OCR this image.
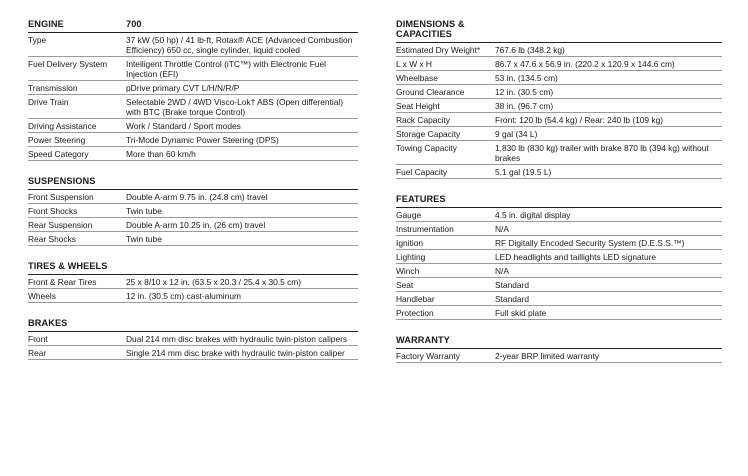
ENGINE	700
Type	37 kW (50 hp) / 41 lb-ft, Rotax® ACE (Advanced Combustion Efficiency) 650 cc, single cylinder, liquid cooled
Fuel Delivery System	Intelligent Throttle Control (iTC™) with Electronic Fuel Injection (EFI)
Transmission	pDrive primary CVT L/H/N/R/P
Drive Train	Selectable 2WD / 4WD Visco-Lok† ABS (Open differential) with BTC (Brake torque Control)
Driving Assistance	Work / Standard / Sport modes
Power Steering	Tri-Mode Dynamic Power Steering (DPS)
Speed Category	More than 60 km/h
SUSPENSIONS
Front Suspension	Double A-arm 9.75 in. (24.8 cm) travel
Front Shocks	Twin tube
Rear Suspension	Double A-arm 10.25 in. (26 cm) travel
Rear Shocks	Twin tube
TIRES & WHEELS
Front & Rear Tires	25 x 8/10 x 12 in. (63.5 x 20.3 / 25.4 x 30.5 cm)
Wheels	12 in. (30.5 cm) cast-aluminum
BRAKES
Front	Dual 214 mm disc brakes with hydraulic twin-piston calipers
Rear	Single 214 mm disc brake with hydraulic twin-piston caliper
DIMENSIONS & CAPACITIES
Estimated Dry Weight*	767.6 lb (348.2 kg)
L x W x H	86.7 x 47.6 x 56.9 in. (220.2 x 120.9 x 144.6 cm)
Wheelbase	53 in. (134.5 cm)
Ground Clearance	12 in. (30.5 cm)
Seat Height	38 in. (96.7 cm)
Rack Capacity	Front: 120 lb (54.4 kg) / Rear: 240 lb (109 kg)
Storage Capacity	9 gal (34 L)
Towing Capacity	1,830 lb (830 kg) trailer with brake 870 lb (394 kg) without brakes
Fuel Capacity	5.1 gal (19.5 L)
FEATURES
Gauge	4.5 in. digital display
Instrumentation	N/A
Ignition	RF Digitally Encoded Security System (D.E.S.S.™)
Lighting	LED headlights and taillights LED signature
Winch	N/A
Seat	Standard
Handlebar	Standard
Protection	Full skid plate
WARRANTY
Factory Warranty	2-year BRP limited warranty
